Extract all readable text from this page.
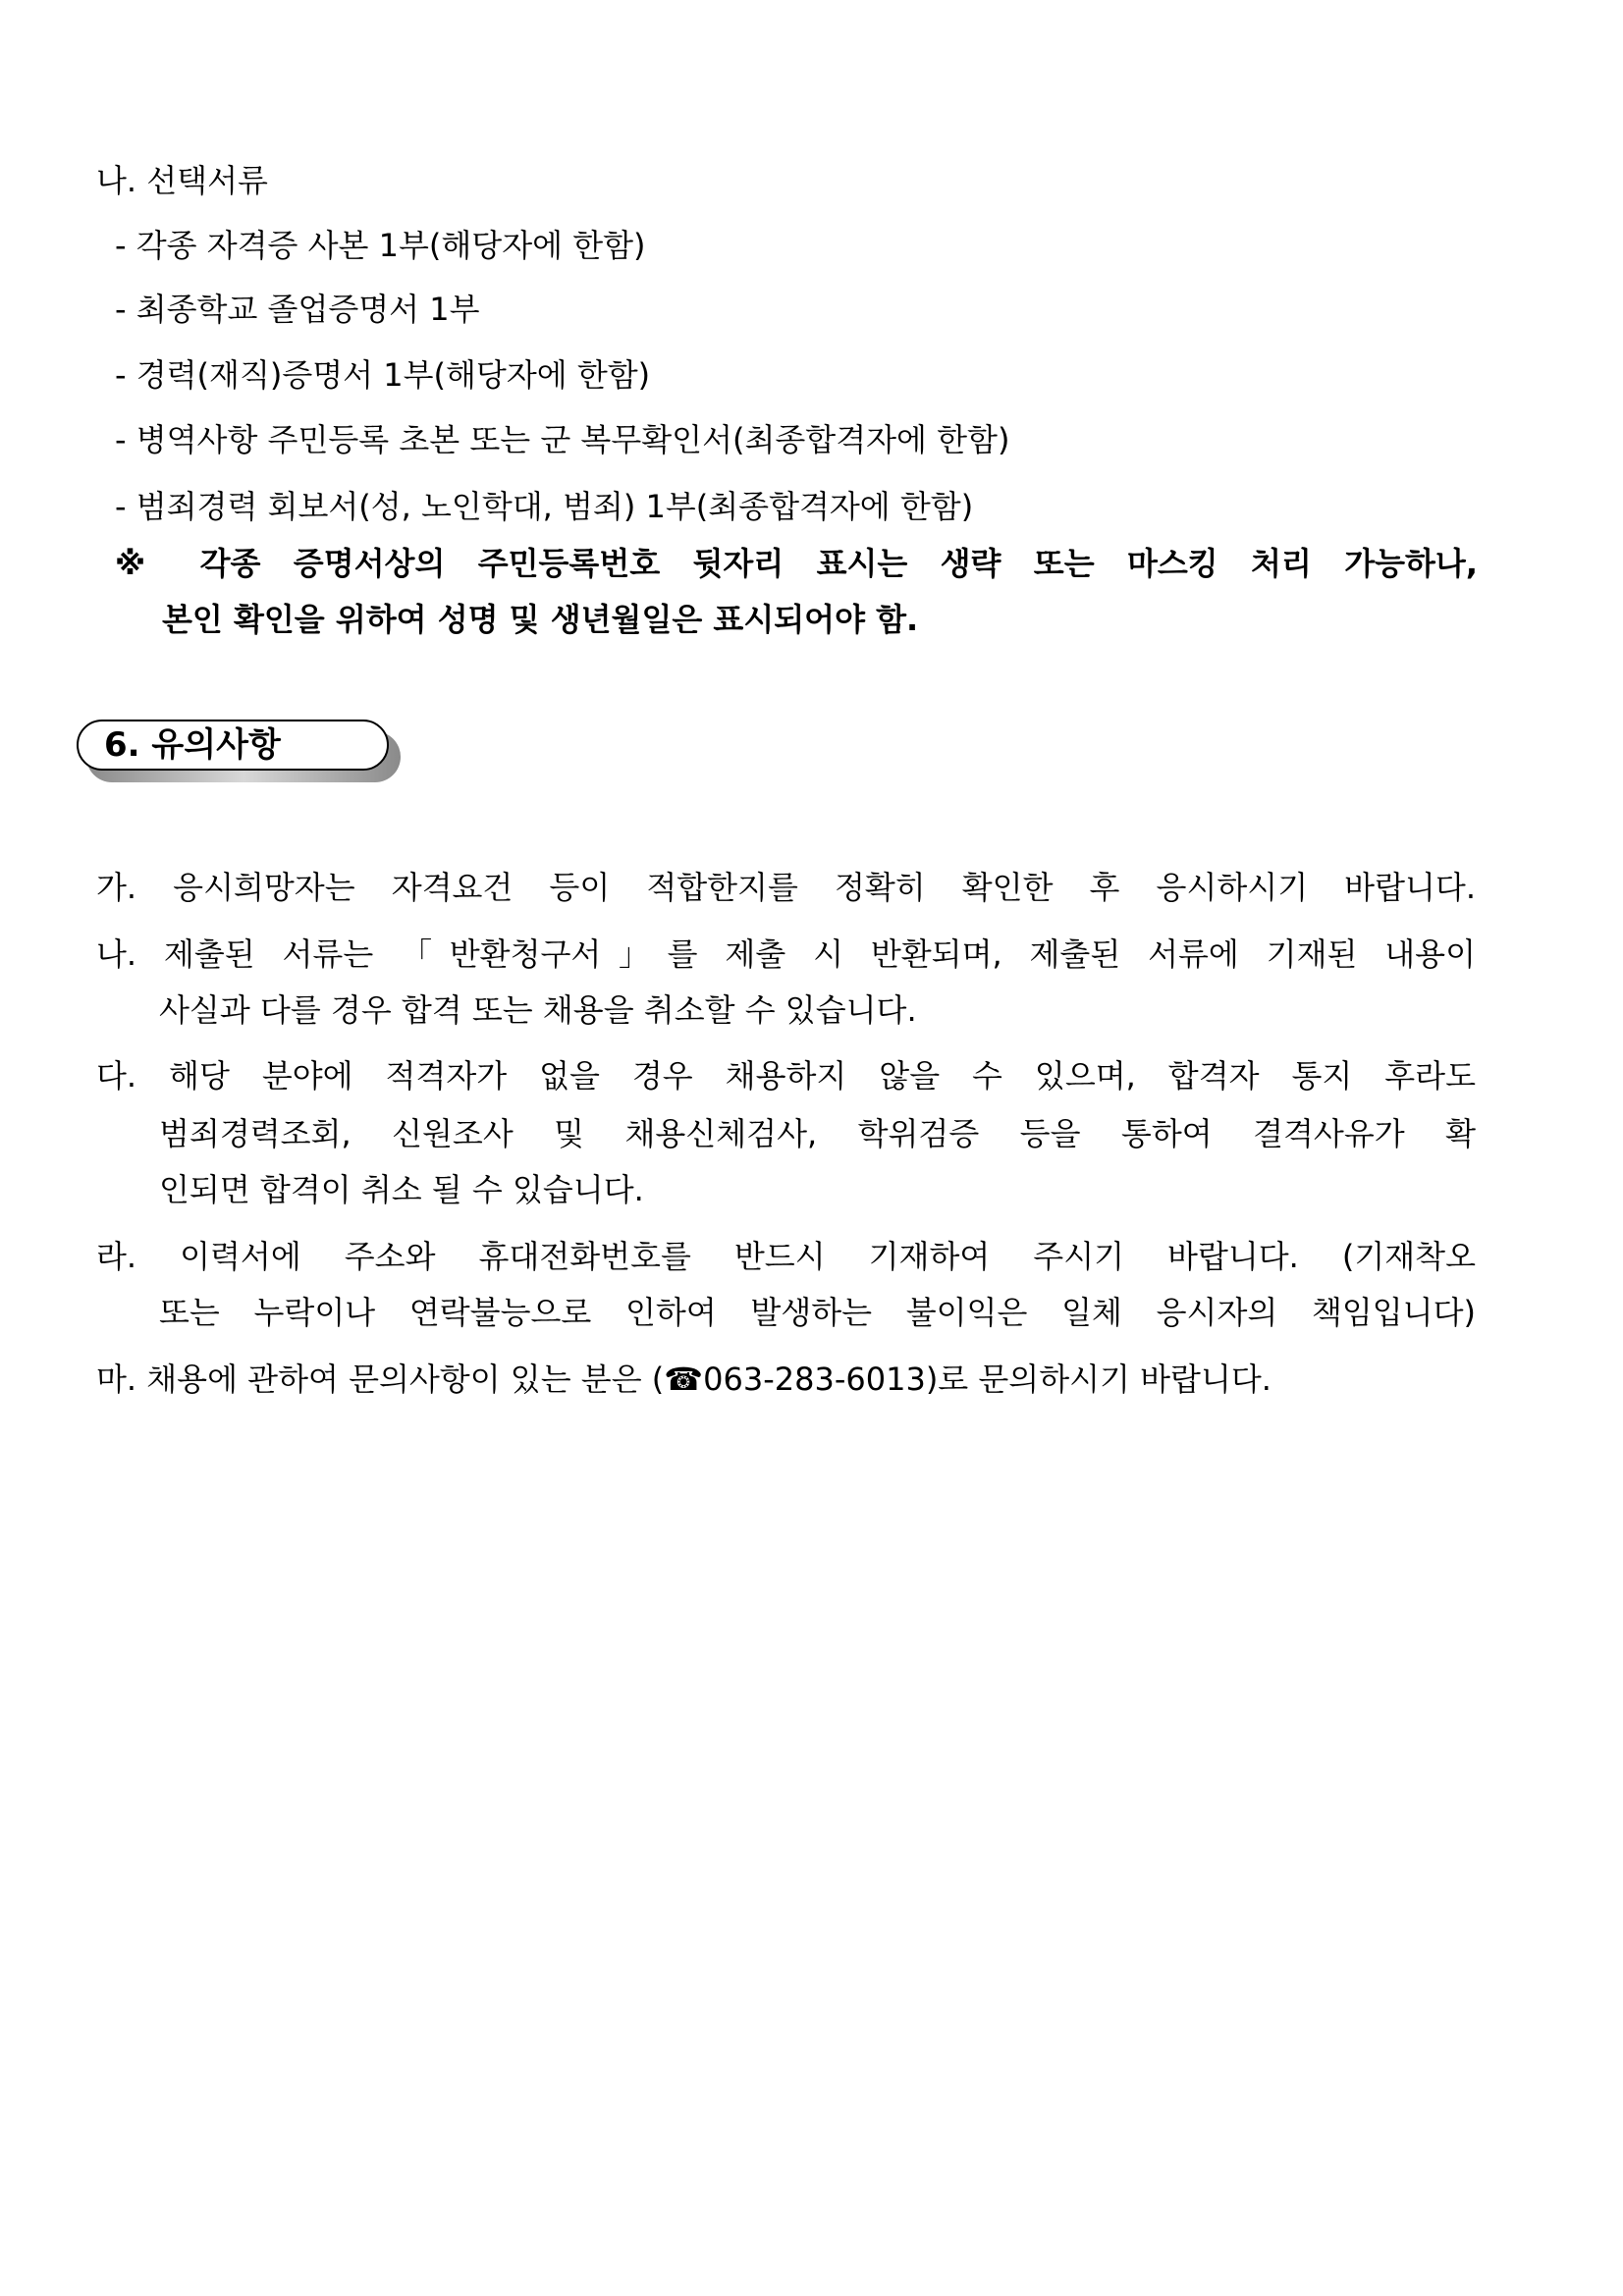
나. 선택서류
- 각종 자격증 사본 1부(해당자에 한함)
- 최종학교 졸업증명서 1부
- 경력(재직)증명서 1부(해당자에 한함)
- 병역사항 주민등록 초본 또는 군 복무확인서(최종합격자에 한함)
- 범죄경력 회보서(성, 노인학대, 범죄) 1부(최종합격자에 한함)
※ 각종 증명서상의 주민등록번호 뒷자리 표시는 생략 또는 마스킹 처리 가능하나,
본인 확인을 위하여 성명 및 생년월일은 표시되어야 함.
6. 유의사항
가. 응시희망자는 자격요건 등이 적합한지를 정확히 확인한 후 응시하시기 바랍니다.
나. 제출된 서류는 「반환청구서」를 제출 시 반환되며, 제출된 서류에 기재된 내용이
사실과 다를 경우 합격 또는 채용을 취소할 수 있습니다.
다. 해당 분야에 적격자가 없을 경우 채용하지 않을 수 있으며, 합격자 통지 후라도
범죄경력조회, 신원조사 및 채용신체검사, 학위검증 등을 통하여 결격사유가 확
인되면 합격이 취소 될 수 있습니다.
라. 이력서에 주소와 휴대전화번호를 반드시 기재하여 주시기 바랍니다. (기재착오
또는 누락이나 연락불능으로 인하여 발생하는 불이익은 일체 응시자의 책임입니다)
마. 채용에 관하여 문의사항이 있는 분은 (☎063-283-6013)로 문의하시기 바랍니다.
